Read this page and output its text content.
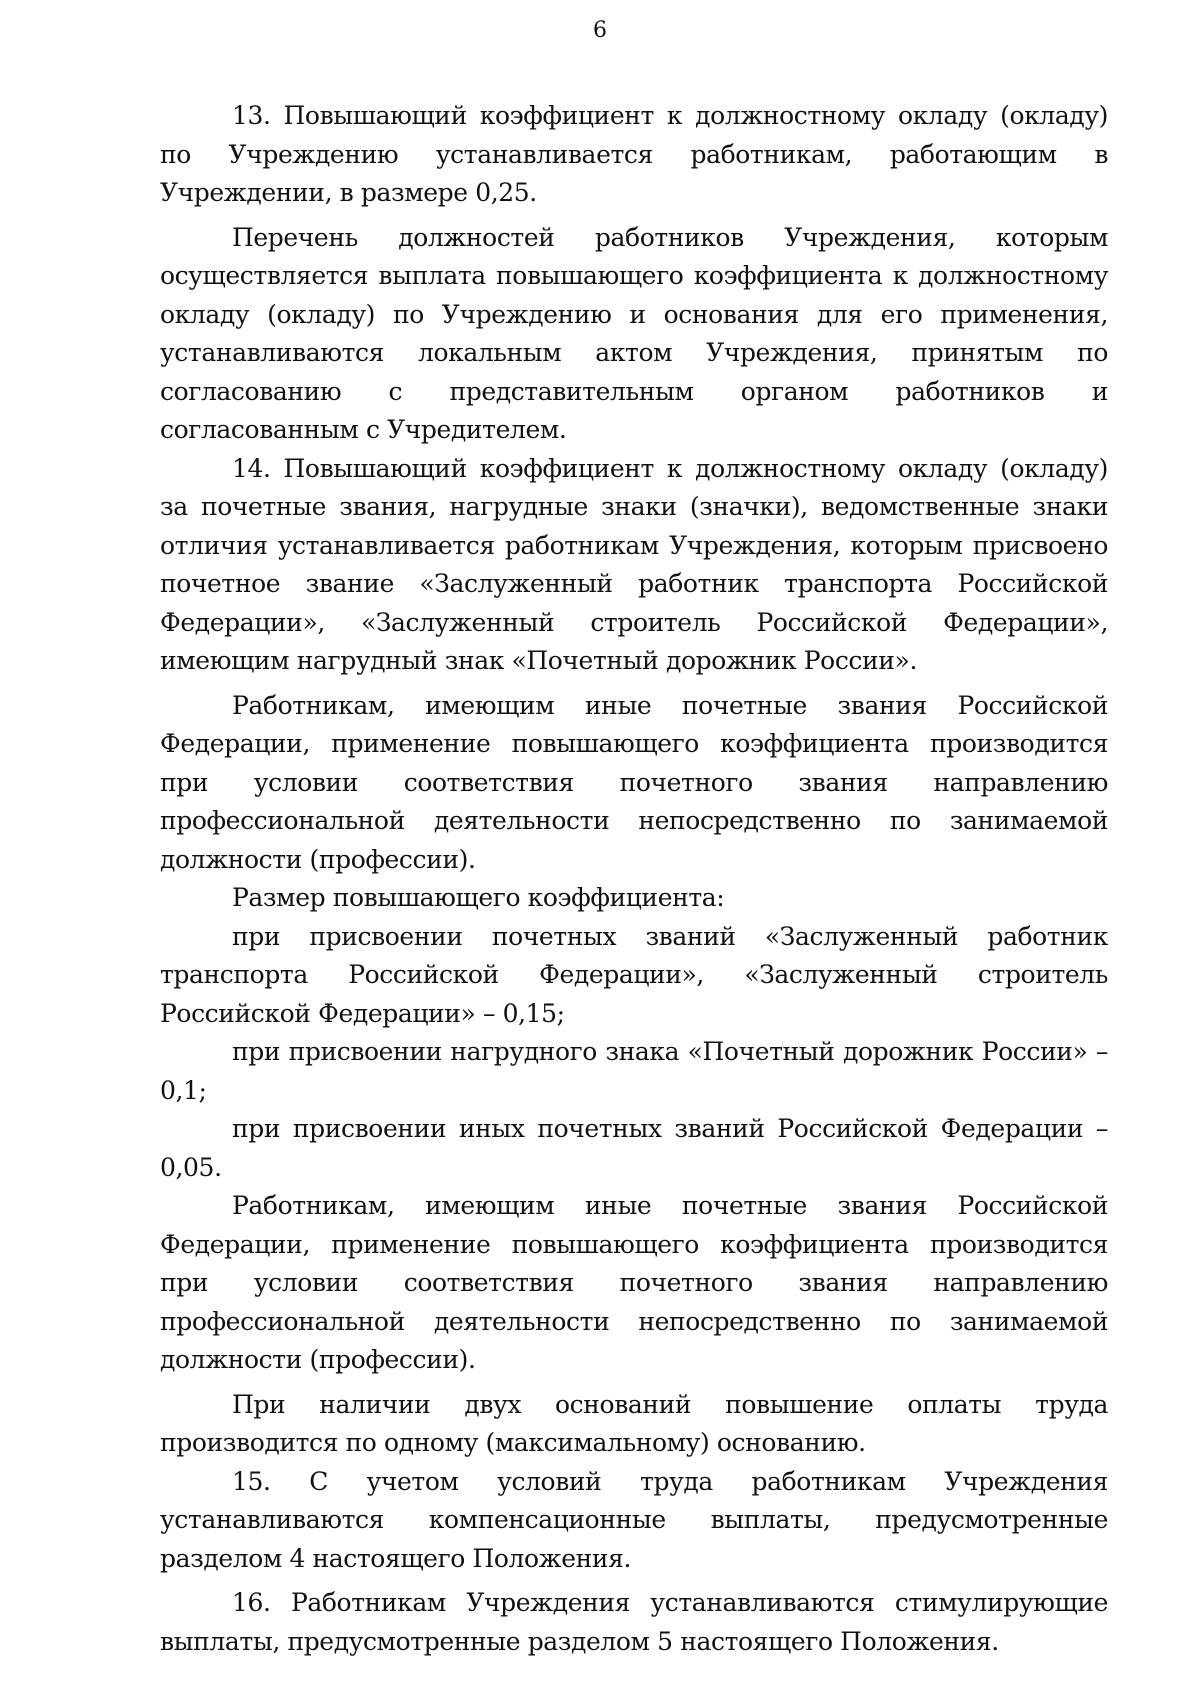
6

13. Повышающий коэффициент к должностному окладу (окладу) по Учреждению устанавливается работникам, работающим в Учреждении, в размере 0,25.

Перечень должностей работников Учреждения, которым осуществляется выплата повышающего коэффициента к должностному окладу (окладу) по Учреждению и основания для его применения, устанавливаются локальным актом Учреждения, принятым по согласованию с представительным органом работников и согласованным с Учредителем.

14. Повышающий коэффициент к должностному окладу (окладу) за почетные звания, нагрудные знаки (значки), ведомственные знаки отличия устанавливается работникам Учреждения, которым присвоено почетное звание «Заслуженный работник транспорта Российской Федерации», «Заслуженный строитель Российской Федерации», имеющим нагрудный знак «Почетный дорожник России».

Работникам, имеющим иные почетные звания Российской Федерации, применение повышающего коэффициента производится при условии соответствия почетного звания направлению профессиональной деятельности непосредственно по занимаемой должности (профессии).

Размер повышающего коэффициента:

при присвоении почетных званий «Заслуженный работник транспорта Российской Федерации», «Заслуженный строитель Российской Федерации» – 0,15;

при присвоении нагрудного знака «Почетный дорожник России» – 0,1;

при присвоении иных почетных званий Российской Федерации – 0,05.

Работникам, имеющим иные почетные звания Российской Федерации, применение повышающего коэффициента производится при условии соответствия почетного звания направлению профессиональной деятельности непосредственно по занимаемой должности (профессии).

При наличии двух оснований повышение оплаты труда производится по одному (максимальному) основанию.

15. С учетом условий труда работникам Учреждения устанавливаются компенсационные выплаты, предусмотренные разделом 4 настоящего Положения.

16. Работникам Учреждения устанавливаются стимулирующие выплаты, предусмотренные разделом 5 настоящего Положения.
